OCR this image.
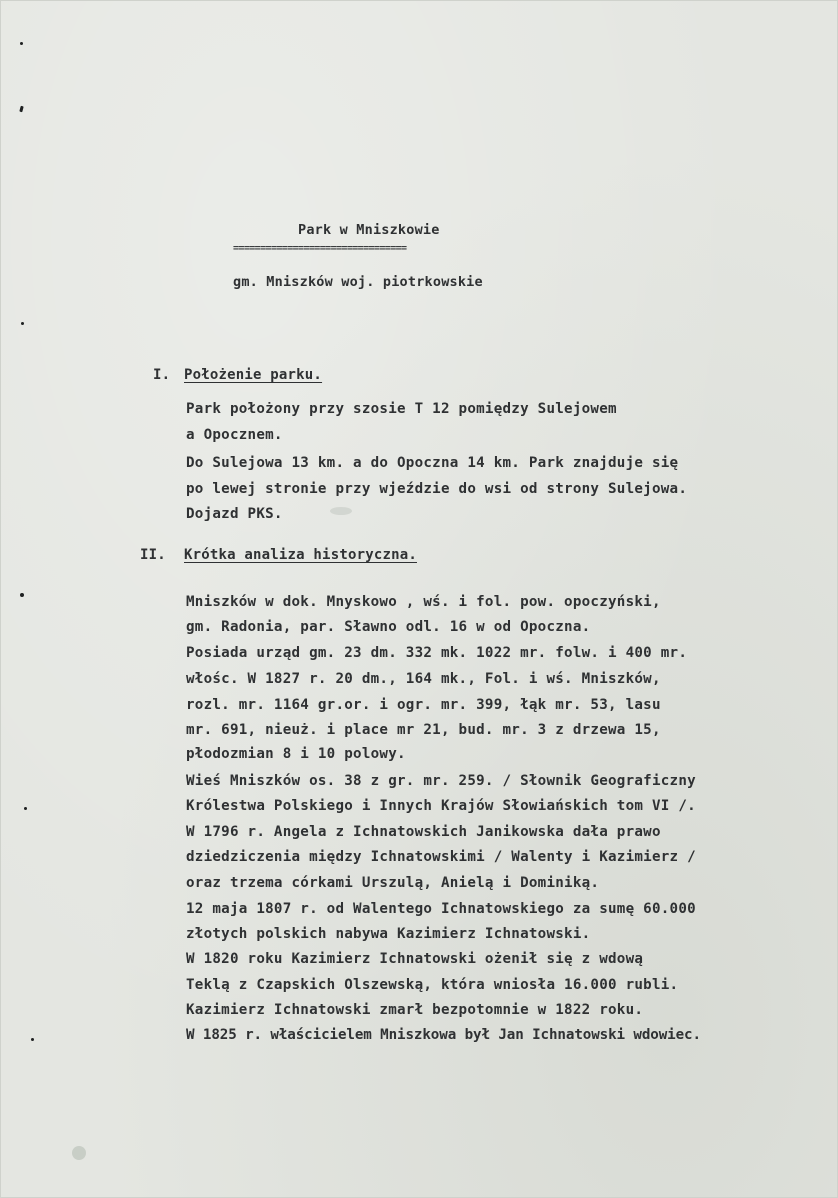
Park w Mniszkowie
================================
gm. Mniszków woj. piotrkowskie
I. Położenie parku.
Park położony przy szosie T 12 pomiędzy Sulejowem
a Opocznem.
Do Sulejowa 13 km. a do Opoczna 14 km. Park znajduje się
po lewej stronie przy wjeździe do wsi od strony Sulejowa.
Dojazd PKS.
II. Krótka analiza historyczna.
Mniszków w dok. Mnyskowo , wś. i fol. pow. opoczyński,
gm. Radonia, par. Sławno odl. 16 w od Opoczna.
Posiada urząd gm. 23 dm. 332 mk. 1022 mr. folw. i 400 mr.
włośc. W 1827 r. 20 dm., 164 mk., Fol. i wś. Mniszków,
rozl. mr. 1164 gr.or. i ogr. mr. 399, łąk mr. 53, lasu
mr. 691, nieuż. i place mr 21, bud. mr. 3 z drzewa 15,
płodozmian 8 i 10 polowy.
Wieś Mniszków os. 38 z gr. mr. 259. / Słownik Geograficzny
Królestwa Polskiego i Innych Krajów Słowiańskich tom VI /.
W 1796 r. Angela z Ichnatowskich Janikowska dała prawo
dziedziczenia między Ichnatowskimi / Walenty i Kazimierz /
oraz trzema córkami Urszulą, Anielą i Dominiką.
12 maja 1807 r. od Walentego Ichnatowskiego za sumę 60.000
złotych polskich nabywa Kazimierz Ichnatowski.
W 1820 roku Kazimierz Ichnatowski ożenił się z wdową
Teklą z Czapskich Olszewską, która wniosła 16.000 rubli.
Kazimierz Ichnatowski zmarł bezpotomnie w 1822 roku.
W 1825 r. właścicielem Mniszkowa był Jan Ichnatowski wdowiec.
